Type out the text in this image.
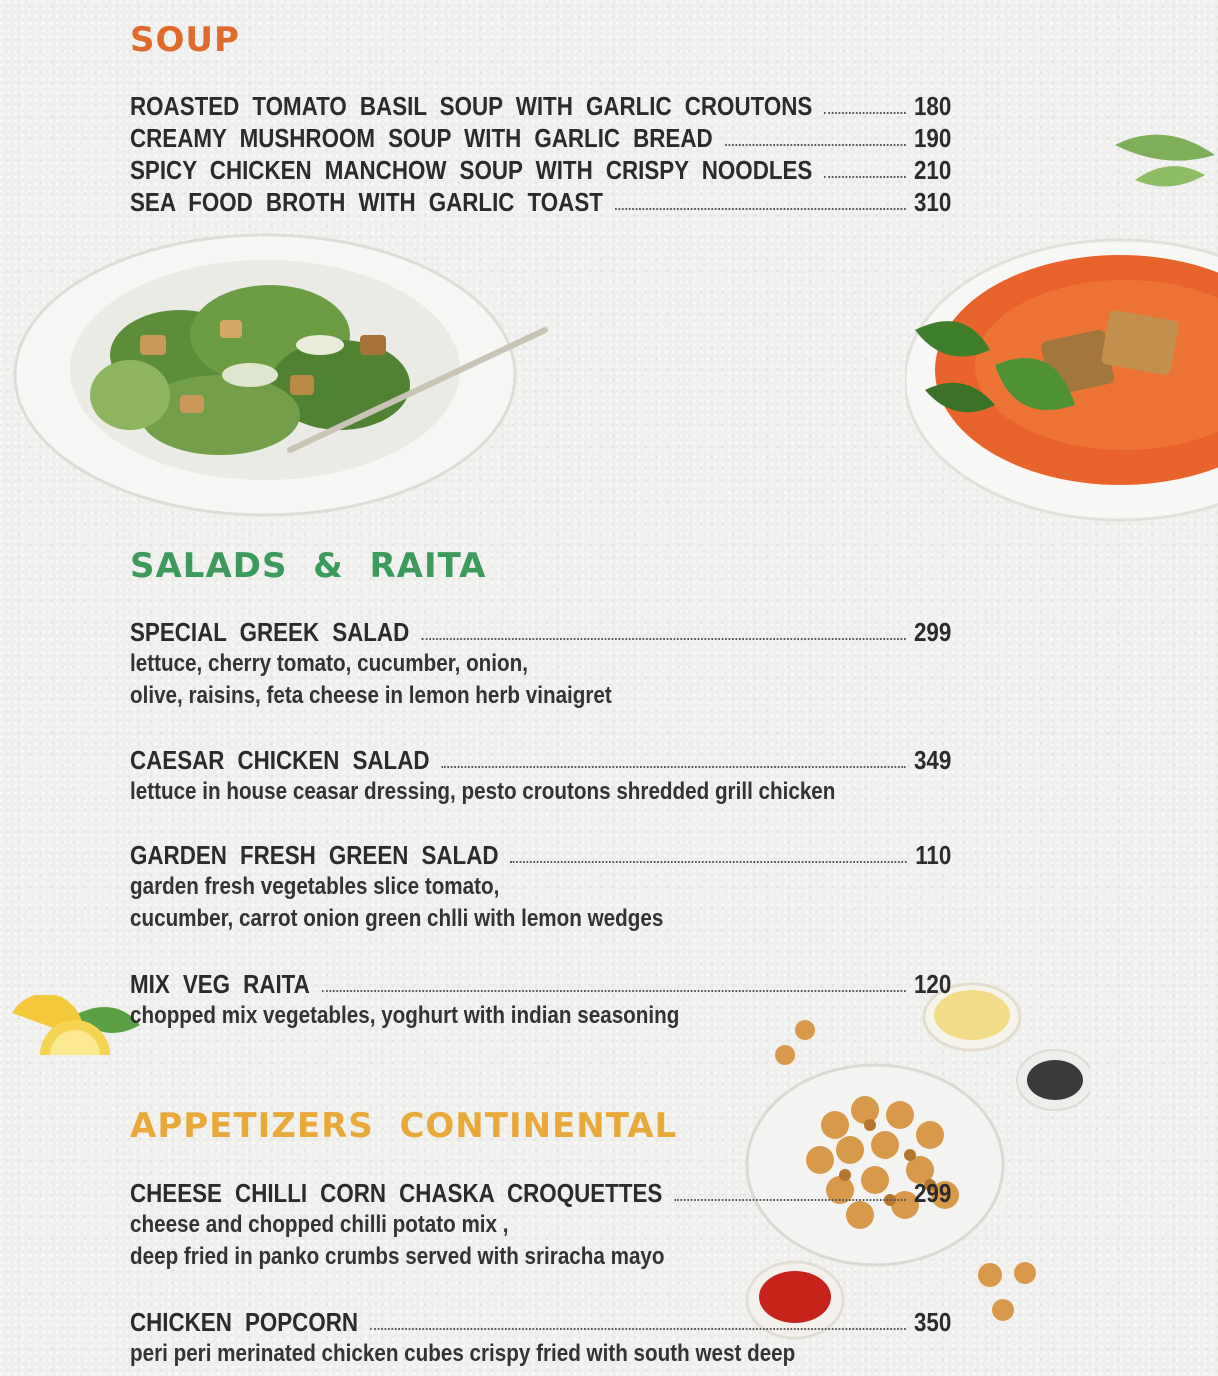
SOUP
ROASTED TOMATO BASIL SOUP WITH GARLIC CROUTONS	180
CREAMY MUSHROOM SOUP WITH GARLIC BREAD	190
SPICY CHICKEN MANCHOW SOUP WITH CRISPY NOODLES	210
SEA FOOD BROTH WITH GARLIC TOAST	310
SALADS  &  RAITA
SPECIAL GREEK SALAD	299
lettuce, cherry tomato, cucumber, onion,
olive, raisins, feta cheese in lemon herb vinaigret
CAESAR CHICKEN SALAD	349
lettuce in house ceasar dressing, pesto croutons shredded grill chicken
GARDEN FRESH GREEN SALAD	110
garden fresh vegetables slice tomato,
cucumber, carrot onion green chlli with lemon wedges
MIX VEG RAITA	120
chopped mix vegetables, yoghurt with indian seasoning
APPETIZERS  CONTINENTAL
CHEESE CHILLI CORN CHASKA CROQUETTES	299
cheese and chopped chilli potato mix ,
deep fried in panko crumbs served with sriracha mayo
CHICKEN POPCORN	350
peri peri merinated chicken cubes crispy fried with south west deep
